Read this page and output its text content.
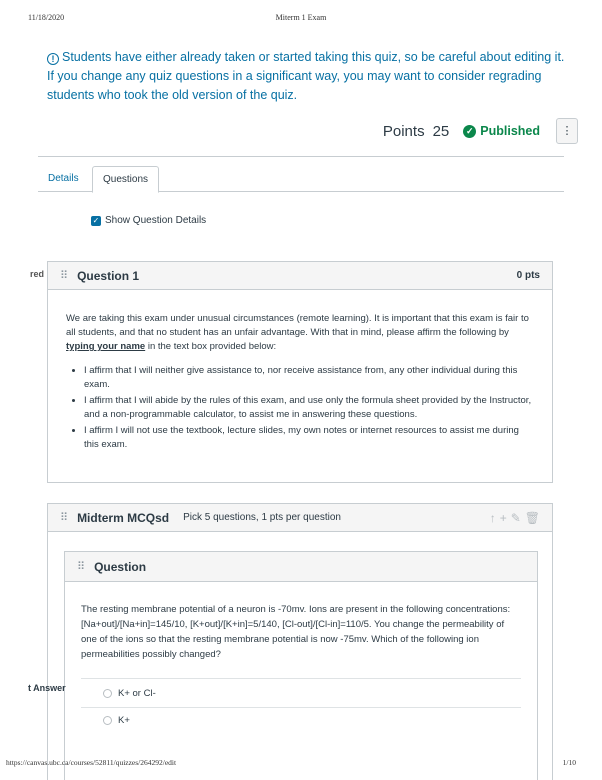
11/18/2020	Miterm 1 Exam
! Students have either already taken or started taking this quiz, so be careful about editing it. If you change any quiz questions in a significant way, you may want to consider regrading students who took the old version of the quiz.
Points 25	✓ Published	⋮
Details	Questions
✓ Show Question Details
red ⠿ Question 1	0 pts

We are taking this exam under unusual circumstances (remote learning). It is important that this exam is fair to all students, and that no student has an unfair advantage. With that in mind, please affirm the following by typing your name in the text box provided below:

• I affirm that I will neither give assistance to, nor receive assistance from, any other individual during this exam.
• I affirm that I will abide by the rules of this exam, and use only the formula sheet provided by the Instructor, and a non-programmable calculator, to assist me in answering these questions.
• I affirm I will not use the textbook, lecture slides, my own notes or internet resources to assist me during this exam.
⠿ Midterm MCQsd Pick 5 questions, 1 pts per question	↑ + ✎ 🗑
⠿ Question
The resting membrane potential of a neuron is -70mv. Ions are present in the following concentrations: [Na+out]/[Na+in]=145/10, [K+out]/[K+in]=5/140, [Cl-out]/[Cl-in]=110/5. You change the permeability of one of the ions so that the resting membrane potential is now -75mv. Which of the following ion permeabilities possibly changed?
K+ or Cl-
K+
t Answer
https://canvas.ubc.ca/courses/52811/quizzes/264292/edit	1/10
